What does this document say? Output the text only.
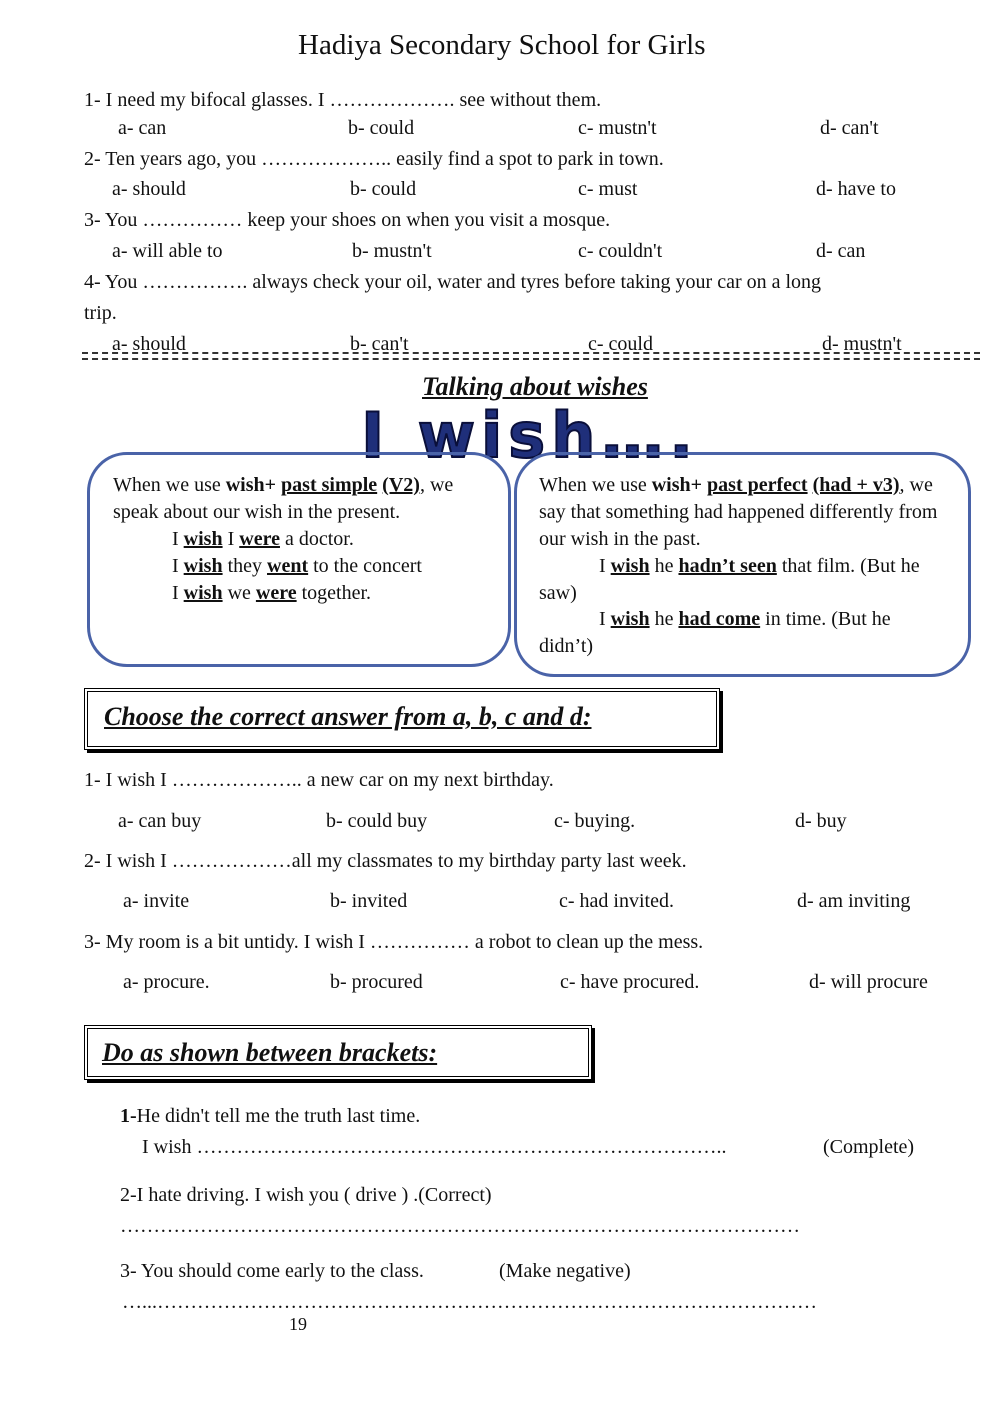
Hadiya Secondary School for Girls
1- I need my bifocal glasses. I ………………. see without them.
a- can	b- could	c- mustn't	d- can't
2- Ten years ago, you ……………….. easily find a spot to park in town.
a- should	b- could	c- must	d- have to
3- You …………… keep your shoes on when you visit a mosque.
a- will able to	b- mustn't	c- couldn't	d- can
4- You ……………. always check your oil, water and tyres before taking your car on a long
trip.
a- should	b- can't	c- could	d- mustn't
Talking about wishes
I wish….
When we use wish+ past simple (V2), we speak about our wish in the present.
I wish I were a doctor.
I wish they went to the concert
I wish we were together.
When we use wish+ past perfect (had + v3), we say that something had happened differently from our wish in the past.
I wish he hadn’t seen that film. (But he saw)
I wish he had come in time. (But he didn’t)
Choose the correct answer from a, b, c and d:
1- I wish I ……………….. a new car on my next birthday.
a- can buy	b- could buy	c- buying.	d- buy
2- I wish I ………………all my classmates to my birthday party last week.
a- invite	b- invited	c- had invited.	d- am inviting
3- My room is a bit untidy. I wish I …………… a robot to clean up the mess.
a- procure.	b- procured	c- have procured.	d- will procure
Do as shown between brackets:
1-He didn't tell me the truth last time.
I wish ……………………………………………………………………..	(Complete)
2-I hate driving. I wish you ( drive ) .(Correct)
…………………………………………………………………………………………
3- You should come early to the class.	(Make negative)
…...………………………………………………………………………………………
19
